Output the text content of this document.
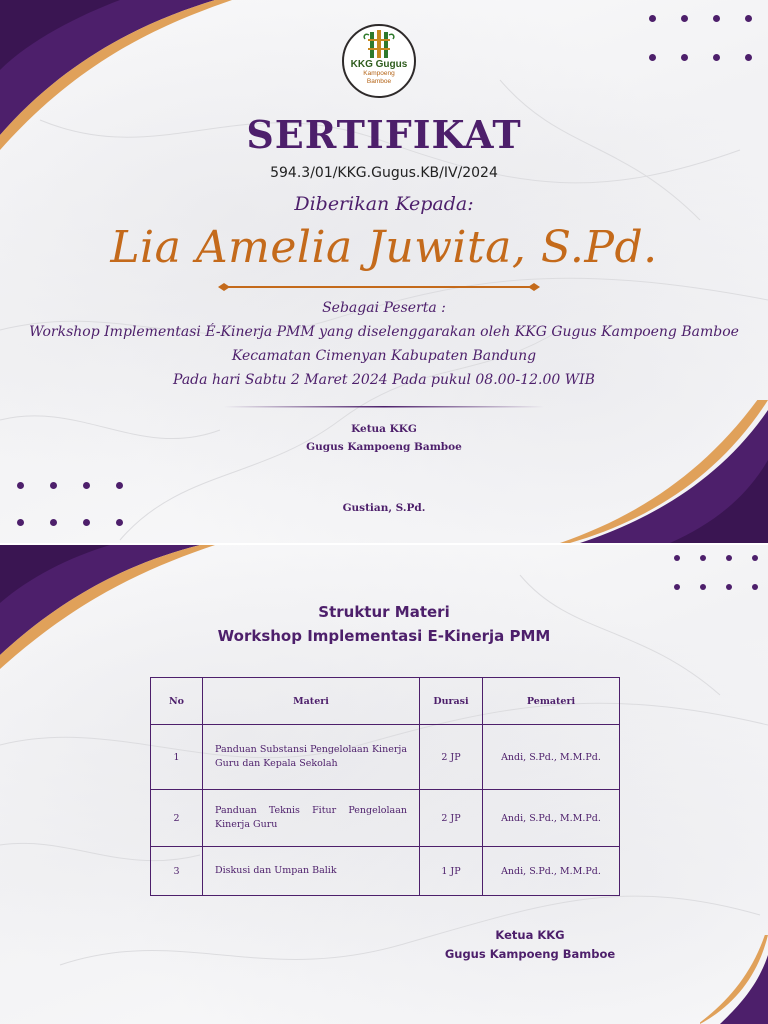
KKG Gugus
Kampoeng
Bamboe
SERTIFIKAT
594.3/01/KKG.Gugus.KB/IV/2024
Diberikan Kepada:
Lia Amelia Juwita, S.Pd.
Sebagai Peserta :
Workshop Implementasi É-Kinerja PMM yang diselenggarakan oleh KKG Gugus Kampoeng Bamboe
Kecamatan Cimenyan Kabupaten Bandung
Pada hari Sabtu 2 Maret 2024 Pada pukul 08.00-12.00 WIB
Ketua KKG
Gugus Kampoeng Bamboe
Gustian, S.Pd.
Struktur Materi
Workshop Implementasi E-Kinerja PMM
No	Materi	Durasi	Pemateri
1	Panduan Substansi Pengelolaan Kinerja Guru dan Kepala Sekolah	2 JP	Andi, S.Pd., M.M.Pd.
2	Panduan Teknis Fitur Pengelolaan Kinerja Guru	2 JP	Andi, S.Pd., M.M.Pd.
3	Diskusi dan Umpan Balik	1 JP	Andi, S.Pd., M.M.Pd.
Ketua KKG
Gugus Kampoeng Bamboe
